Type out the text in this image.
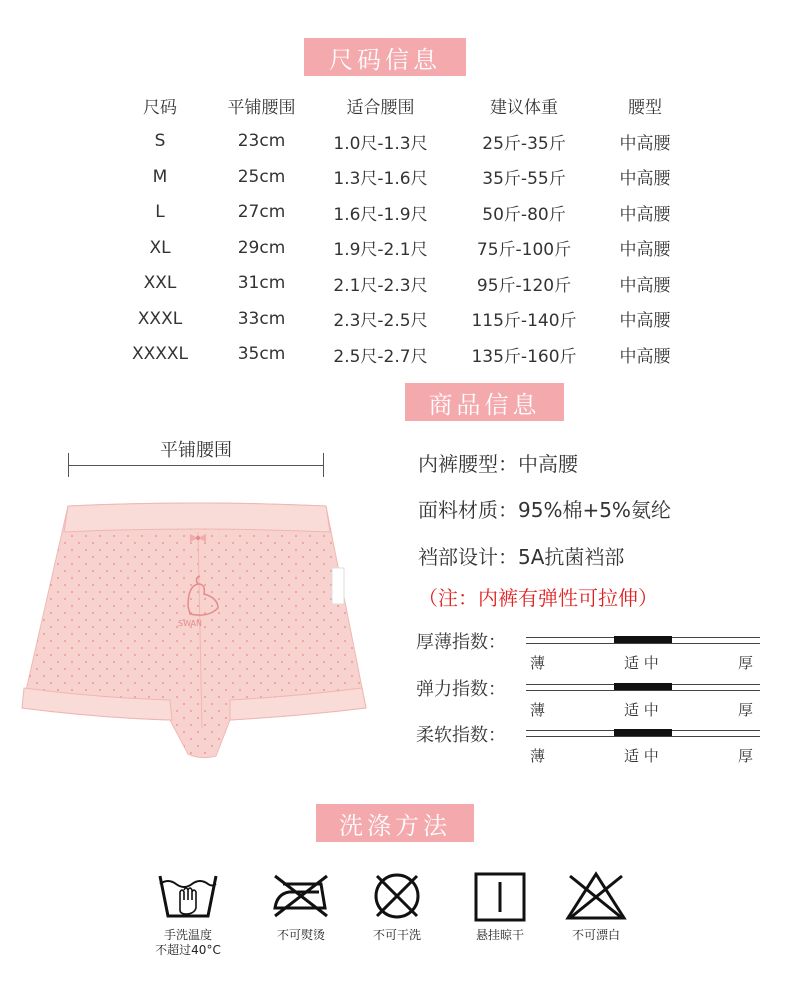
尺码信息
尺码	平铺腰围	适合腰围	建议体重	腰型
S	23cm	1.0尺-1.3尺	25斤-35斤	中高腰
M	25cm	1.3尺-1.6尺	35斤-55斤	中高腰
L	27cm	1.6尺-1.9尺	50斤-80斤	中高腰
XL	29cm	1.9尺-2.1尺	75斤-100斤	中高腰
XXL	31cm	2.1尺-2.3尺	95斤-120斤	中高腰
XXXL	33cm	2.3尺-2.5尺	115斤-140斤	中高腰
XXXXL	35cm	2.5尺-2.7尺	135斤-160斤	中高腰
商品信息
平铺腰围
SWAN
内裤腰型：中高腰
面料材质：95%棉+5%氨纶
裆部设计：5A抗菌裆部
（注：内裤有弹性可拉伸）
厚薄指数：
薄	适 中	厚
弹力指数：
薄	适 中	厚
柔软指数：
薄	适 中	厚
洗涤方法
手洗温度
不超过40°C
不可熨烫	不可干洗	悬挂晾干	不可漂白
